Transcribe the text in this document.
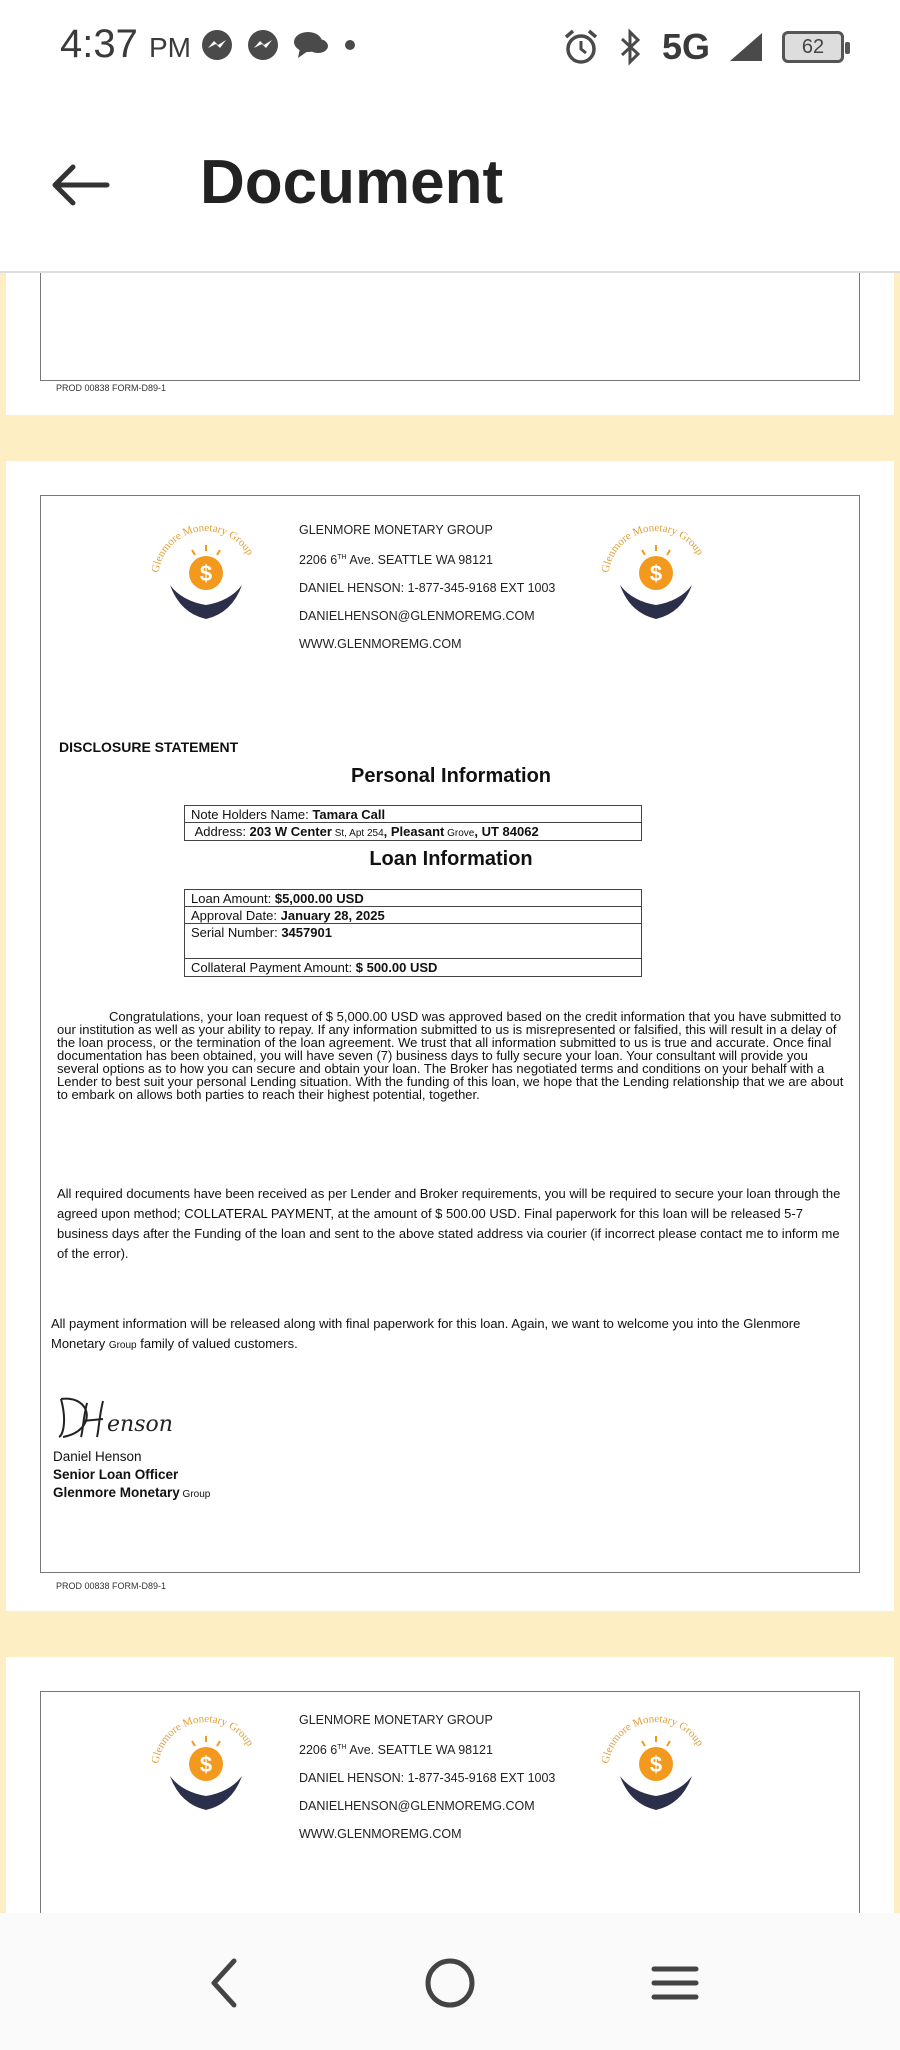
4:37 PM	5G	62
Document
PROD 00838 FORM-D89-1
Glenmore Monetary Group
$
GLENMORE MONETARY GROUP
2206 6TH Ave. SEATTLE WA 98121
DANIEL HENSON: 1-877-345-9168 EXT 1003
DANIELHENSON@GLENMOREMG.COM
WWW.GLENMOREMG.COM
Glenmore Monetary Group
$
DISCLOSURE STATEMENT
Personal Information
Note Holders Name: Tamara Call
Address: 203 W Center St, Apt 254, Pleasant Grove, UT 84062
Loan Information
Loan Amount: $5,000.00 USD
Approval Date: January 28, 2025
Serial Number: 3457901
Collateral Payment Amount: $ 500.00 USD
Congratulations, your loan request of $ 5,000.00 USD was approved based on the credit information that you have submitted to our institution as well as your ability to repay. If any information submitted to us is misrepresented or falsified, this will result in a delay of the loan process, or the termination of the loan agreement. We trust that all information submitted to us is true and accurate. Once final documentation has been obtained, you will have seven (7) business days to fully secure your loan. Your consultant will provide you several options as to how you can secure and obtain your loan. The Broker has negotiated terms and conditions on your behalf with a Lender to best suit your personal Lending situation. With the funding of this loan, we hope that the Lending relationship that we are about to embark on allows both parties to reach their highest potential, together.
All required documents have been received as per Lender and Broker requirements, you will be required to secure your loan through the agreed upon method; COLLATERAL PAYMENT, at the amount of $ 500.00 USD. Final paperwork for this loan will be released 5-7 business days after the Funding of the loan and sent to the above stated address via courier (if incorrect please contact me to inform me of the error).
All payment information will be released along with final paperwork for this loan. Again, we want to welcome you into the Glenmore Monetary Group family of valued customers.
enson
Daniel Henson
Senior Loan Officer
Glenmore Monetary Group
PROD 00838 FORM-D89-1
Glenmore Monetary Group
$
GLENMORE MONETARY GROUP
2206 6TH Ave. SEATTLE WA 98121
DANIEL HENSON: 1-877-345-9168 EXT 1003
DANIELHENSON@GLENMOREMG.COM
WWW.GLENMOREMG.COM
Glenmore Monetary Group
$
